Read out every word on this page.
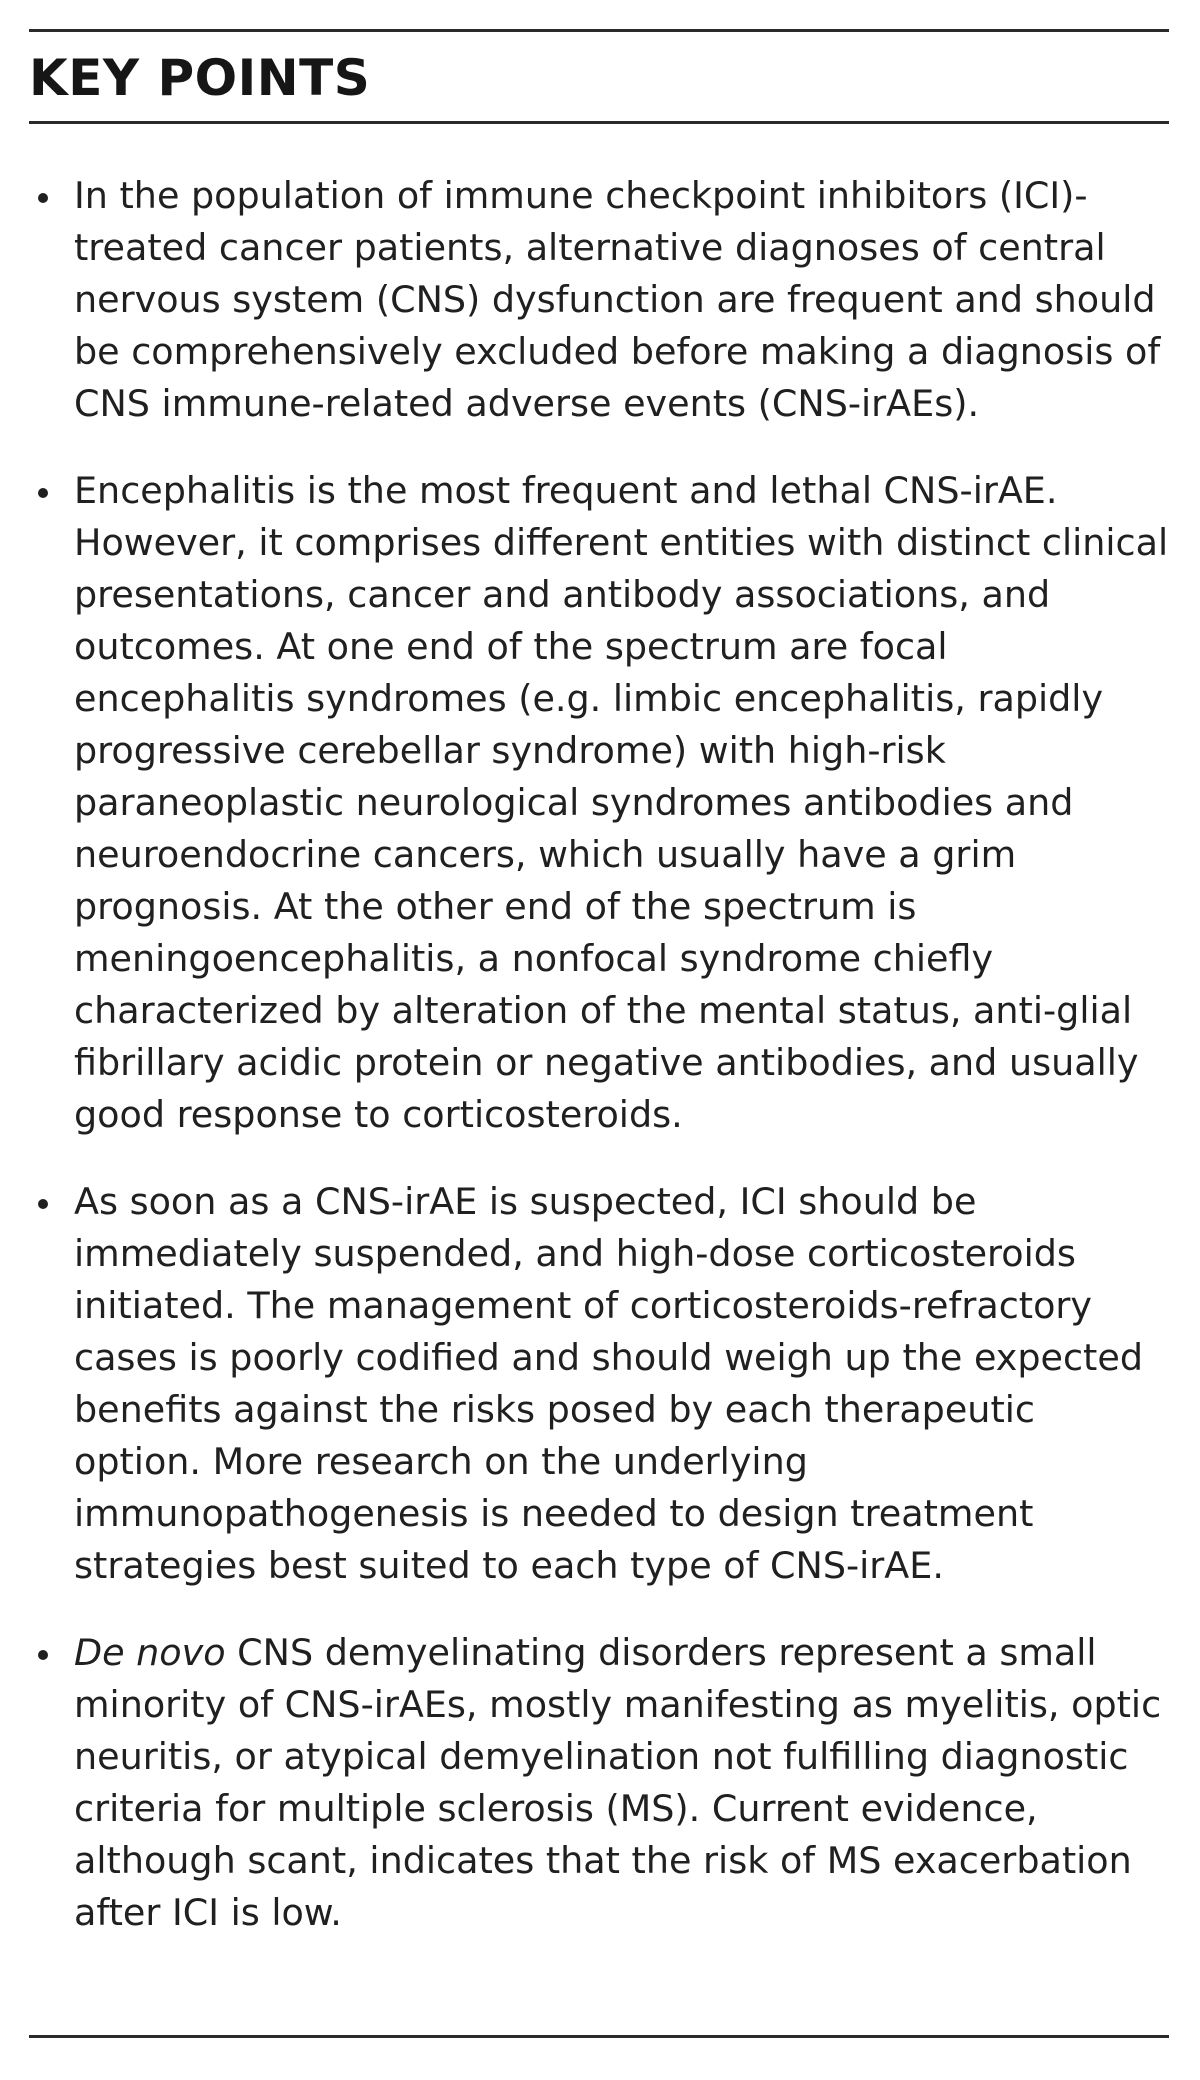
KEY POINTS
In the population of immune checkpoint inhibitors (ICI)-treated cancer patients, alternative diagnoses of central nervous system (CNS) dysfunction are frequent and should be comprehensively excluded before making a diagnosis of CNS immune-related adverse events (CNS-irAEs).
Encephalitis is the most frequent and lethal CNS-irAE. However, it comprises different entities with distinct clinical presentations, cancer and antibody associations, and outcomes. At one end of the spectrum are focal encephalitis syndromes (e.g. limbic encephalitis, rapidly progressive cerebellar syndrome) with high-risk paraneoplastic neurological syndromes antibodies and neuroendocrine cancers, which usually have a grim prognosis. At the other end of the spectrum is meningoencephalitis, a nonfocal syndrome chiefly characterized by alteration of the mental status, anti-glial fibrillary acidic protein or negative antibodies, and usually good response to corticosteroids.
As soon as a CNS-irAE is suspected, ICI should be immediately suspended, and high-dose corticosteroids initiated. The management of corticosteroids-refractory cases is poorly codified and should weigh up the expected benefits against the risks posed by each therapeutic option. More research on the underlying immunopathogenesis is needed to design treatment strategies best suited to each type of CNS-irAE.
De novo CNS demyelinating disorders represent a small minority of CNS-irAEs, mostly manifesting as myelitis, optic neuritis, or atypical demyelination not fulfilling diagnostic criteria for multiple sclerosis (MS). Current evidence, although scant, indicates that the risk of MS exacerbation after ICI is low.
